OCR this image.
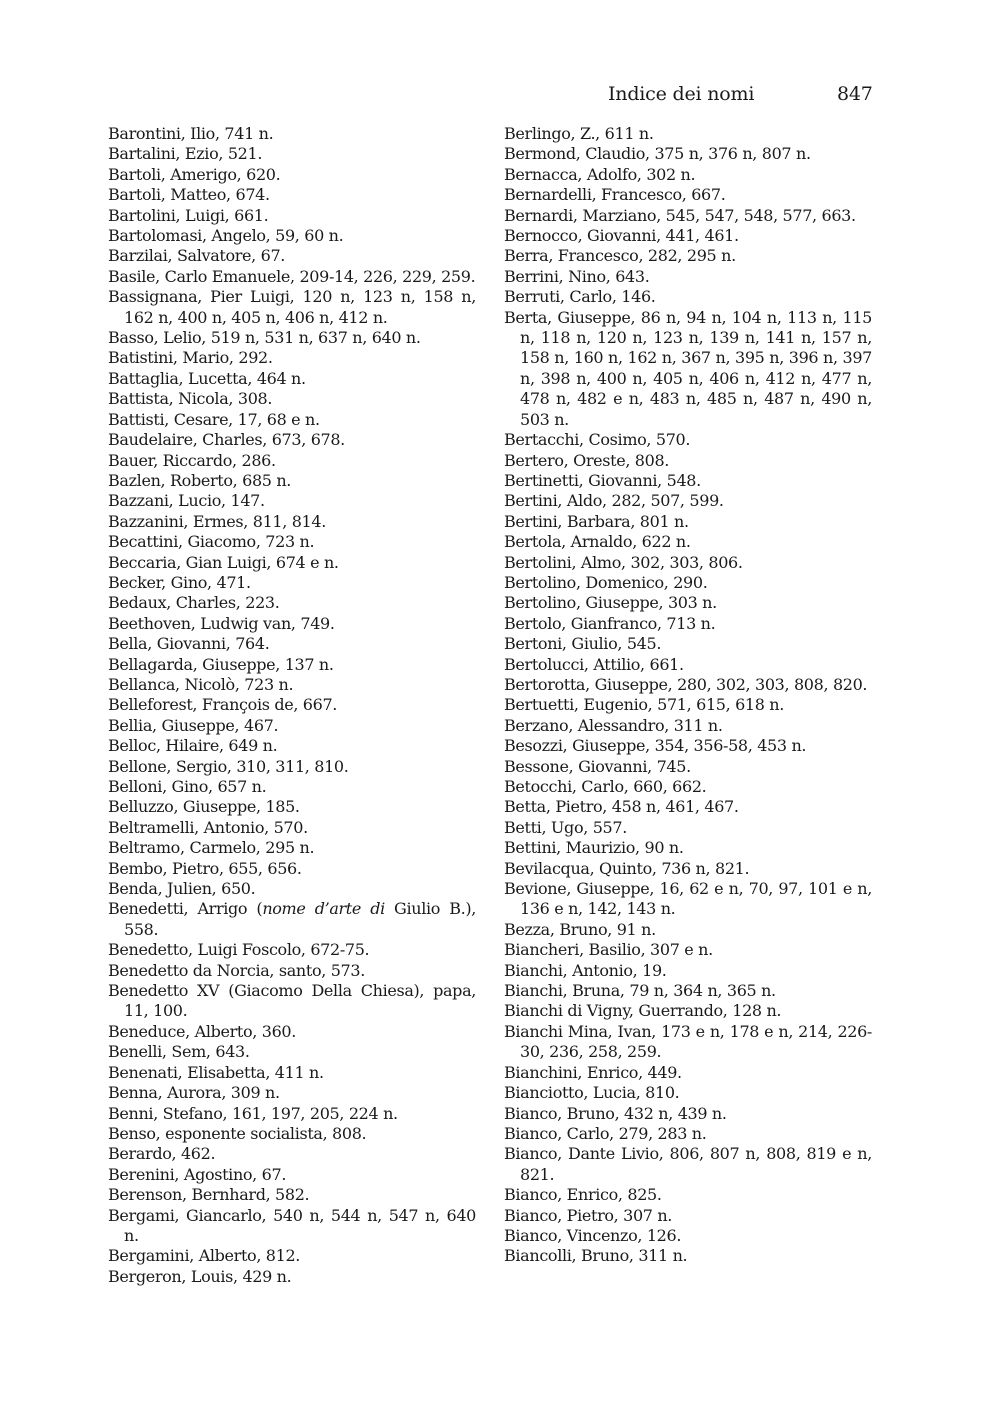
Indice dei nomi	847
Barontini, Ilio, 741 n.
Bartalini, Ezio, 521.
Bartoli, Amerigo, 620.
Bartoli, Matteo, 674.
Bartolini, Luigi, 661.
Bartolomasi, Angelo, 59, 60 n.
Barzilai, Salvatore, 67.
Basile, Carlo Emanuele, 209-14, 226, 229, 259.
Bassignana, Pier Luigi, 120 n, 123 n, 158 n, 162 n, 400 n, 405 n, 406 n, 412 n.
Basso, Lelio, 519 n, 531 n, 637 n, 640 n.
Batistini, Mario, 292.
Battaglia, Lucetta, 464 n.
Battista, Nicola, 308.
Battisti, Cesare, 17, 68 e n.
Baudelaire, Charles, 673, 678.
Bauer, Riccardo, 286.
Bazlen, Roberto, 685 n.
Bazzani, Lucio, 147.
Bazzanini, Ermes, 811, 814.
Becattini, Giacomo, 723 n.
Beccaria, Gian Luigi, 674 e n.
Becker, Gino, 471.
Bedaux, Charles, 223.
Beethoven, Ludwig van, 749.
Bella, Giovanni, 764.
Bellagarda, Giuseppe, 137 n.
Bellanca, Nicolò, 723 n.
Belleforest, François de, 667.
Bellia, Giuseppe, 467.
Belloc, Hilaire, 649 n.
Bellone, Sergio, 310, 311, 810.
Belloni, Gino, 657 n.
Belluzzo, Giuseppe, 185.
Beltramelli, Antonio, 570.
Beltramo, Carmelo, 295 n.
Bembo, Pietro, 655, 656.
Benda, Julien, 650.
Benedetti, Arrigo (nome d’arte di Giulio B.), 558.
Benedetto, Luigi Foscolo, 672-75.
Benedetto da Norcia, santo, 573.
Benedetto XV (Giacomo Della Chiesa), papa, 11, 100.
Beneduce, Alberto, 360.
Benelli, Sem, 643.
Benenati, Elisabetta, 411 n.
Benna, Aurora, 309 n.
Benni, Stefano, 161, 197, 205, 224 n.
Benso, esponente socialista, 808.
Berardo, 462.
Berenini, Agostino, 67.
Berenson, Bernhard, 582.
Bergami, Giancarlo, 540 n, 544 n, 547 n, 640 n.
Bergamini, Alberto, 812.
Bergeron, Louis, 429 n.
Berlingo, Z., 611 n.
Bermond, Claudio, 375 n, 376 n, 807 n.
Bernacca, Adolfo, 302 n.
Bernardelli, Francesco, 667.
Bernardi, Marziano, 545, 547, 548, 577, 663.
Bernocco, Giovanni, 441, 461.
Berra, Francesco, 282, 295 n.
Berrini, Nino, 643.
Berruti, Carlo, 146.
Berta, Giuseppe, 86 n, 94 n, 104 n, 113 n, 115 n, 118 n, 120 n, 123 n, 139 n, 141 n, 157 n, 158 n, 160 n, 162 n, 367 n, 395 n, 396 n, 397 n, 398 n, 400 n, 405 n, 406 n, 412 n, 477 n, 478 n, 482 e n, 483 n, 485 n, 487 n, 490 n, 503 n.
Bertacchi, Cosimo, 570.
Bertero, Oreste, 808.
Bertinetti, Giovanni, 548.
Bertini, Aldo, 282, 507, 599.
Bertini, Barbara, 801 n.
Bertola, Arnaldo, 622 n.
Bertolini, Almo, 302, 303, 806.
Bertolino, Domenico, 290.
Bertolino, Giuseppe, 303 n.
Bertolo, Gianfranco, 713 n.
Bertoni, Giulio, 545.
Bertolucci, Attilio, 661.
Bertorotta, Giuseppe, 280, 302, 303, 808, 820.
Bertuetti, Eugenio, 571, 615, 618 n.
Berzano, Alessandro, 311 n.
Besozzi, Giuseppe, 354, 356-58, 453 n.
Bessone, Giovanni, 745.
Betocchi, Carlo, 660, 662.
Betta, Pietro, 458 n, 461, 467.
Betti, Ugo, 557.
Bettini, Maurizio, 90 n.
Bevilacqua, Quinto, 736 n, 821.
Bevione, Giuseppe, 16, 62 e n, 70, 97, 101 e n, 136 e n, 142, 143 n.
Bezza, Bruno, 91 n.
Biancheri, Basilio, 307 e n.
Bianchi, Antonio, 19.
Bianchi, Bruna, 79 n, 364 n, 365 n.
Bianchi di Vigny, Guerrando, 128 n.
Bianchi Mina, Ivan, 173 e n, 178 e n, 214, 226-30, 236, 258, 259.
Bianchini, Enrico, 449.
Bianciotto, Lucia, 810.
Bianco, Bruno, 432 n, 439 n.
Bianco, Carlo, 279, 283 n.
Bianco, Dante Livio, 806, 807 n, 808, 819 e n, 821.
Bianco, Enrico, 825.
Bianco, Pietro, 307 n.
Bianco, Vincenzo, 126.
Biancolli, Bruno, 311 n.
